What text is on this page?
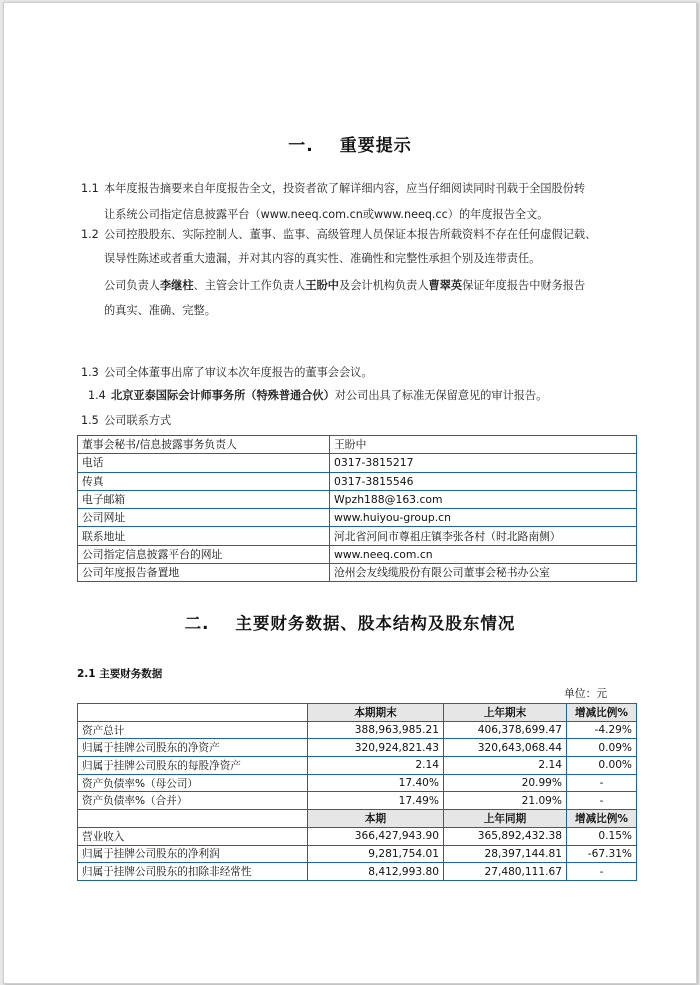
一. 重要提示
1.1 本年度报告摘要来自年度报告全文，投资者欲了解详细内容，应当仔细阅读同时刊载于全国股份转
让系统公司指定信息披露平台（www.neeq.com.cn或www.neeq.cc）的年度报告全文。
1.2 公司控股股东、实际控制人、董事、监事、高级管理人员保证本报告所载资料不存在任何虚假记载、
误导性陈述或者重大遗漏，并对其内容的真实性、准确性和完整性承担个别及连带责任。
公司负责人李继柱、主管会计工作负责人王盼中及会计机构负责人曹翠英保证年度报告中财务报告
的真实、准确、完整。
1.3 公司全体董事出席了审议本次年度报告的董事会会议。
1.4 北京亚泰国际会计师事务所（特殊普通合伙）对公司出具了标准无保留意见的审计报告。
1.5 公司联系方式
董事会秘书/信息披露事务负责人	王盼中
电话	0317-3815217
传真	0317-3815546
电子邮箱	Wpzh188@163.com
公司网址	www.huiyou-group.cn
联系地址	河北省河间市尊祖庄镇李张各村（时北路南侧）
公司指定信息披露平台的网址	www.neeq.com.cn
公司年度报告备置地	沧州会友线缆股份有限公司董事会秘书办公室
二. 主要财务数据、股本结构及股东情况
2.1 主要财务数据
单位：元
	本期期末	上年期末	增减比例%
资产总计	388,963,985.21	406,378,699.47	-4.29%
归属于挂牌公司股东的净资产	320,924,821.43	320,643,068.44	0.09%
归属于挂牌公司股东的每股净资产	2.14	2.14	0.00%
资产负债率%（母公司）	17.40%	20.99%	-
资产负债率%（合并）	17.49%	21.09%	-
	本期	上年同期	增减比例%
营业收入	366,427,943.90	365,892,432.38	0.15%
归属于挂牌公司股东的净利润	9,281,754.01	28,397,144.81	-67.31%
归属于挂牌公司股东的扣除非经常性	8,412,993.80	27,480,111.67	-
